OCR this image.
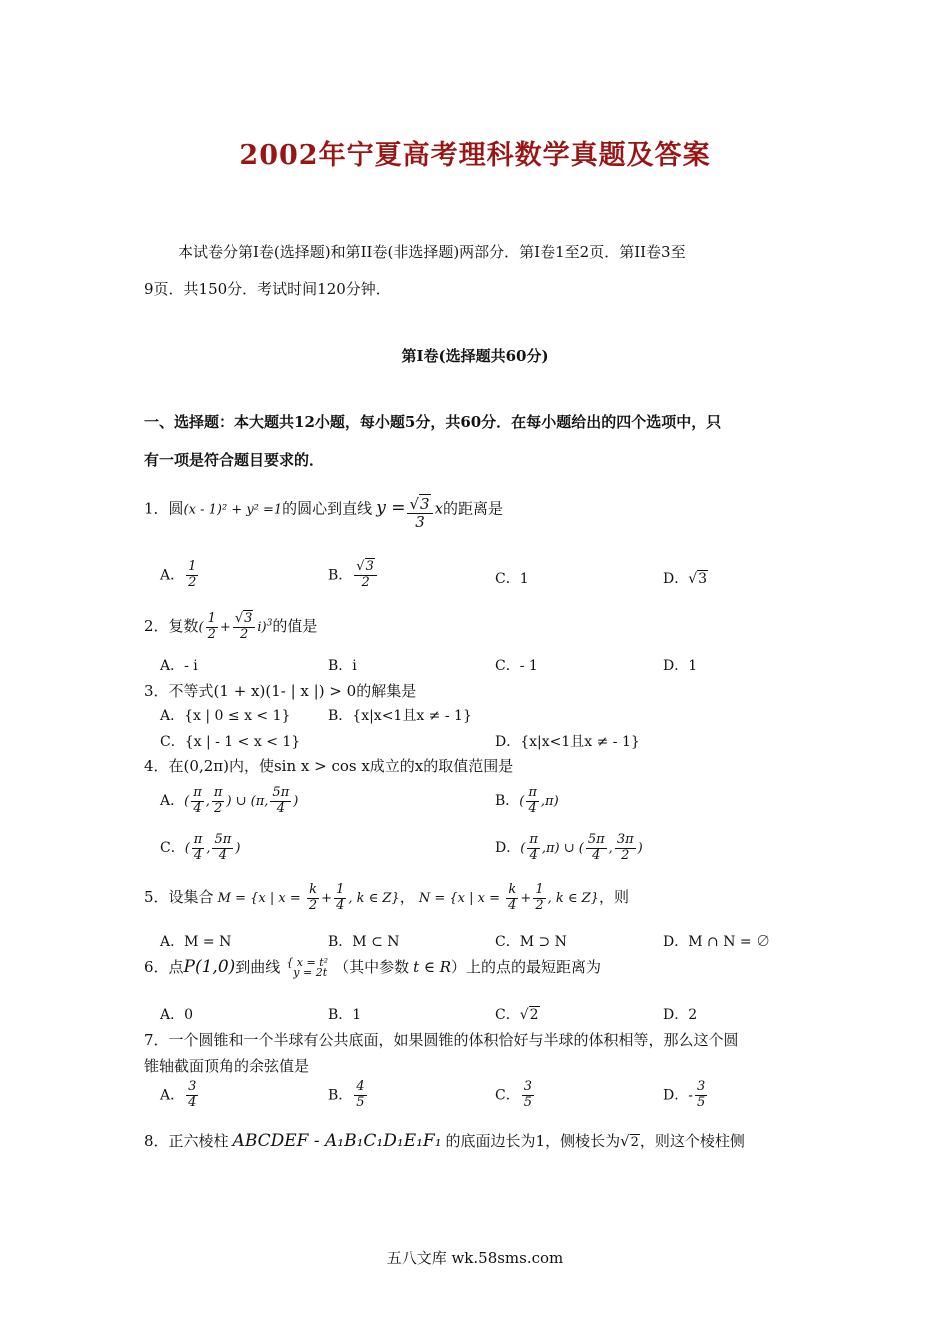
2002年宁夏高考理科数学真题及答案
本试卷分第Ⅰ卷(选择题)和第II卷(非选择题)两部分．第Ⅰ卷1至2页．第II卷3至
9页．共150分．考试时间120分钟．
第Ⅰ卷(选择题共60分)
一、选择题：本大题共12小题，每小题5分，共60分．在每小题给出的四个选项中，只
有一项是符合题目要求的．
1．圆(x - 1)² + y² =1的圆心到直线 $y = \frac{√3}{3}$ x的距离是
A． $\frac{1}{2}$	B． $\frac{√3}{2}$	C．1	D．√3
2．复数( $\frac{1}{2} + \frac{√3}{2} i)^3$的值是
A．- i	B．i	C．- 1	D．1
3．不等式(1 + x)(1- | x |) > 0的解集是
A．{x | 0 ≤ x < 1}	B．{x|x<1且x ≠ - 1}
C．{x | - 1 < x < 1}	D．{x|x<1且x ≠ - 1}
4．在(0,2π)内，使sin x > cos x成立的x的取值范围是
A．( $\frac{\pi}{4}$ , $\frac{\pi}{2}$ ) ∪ (π, $\frac{5\pi}{4}$ )	B．( $\frac{\pi}{4} ,\pi$)
C．( $\frac{\pi}{4}$ , $\frac{5\pi}{4}$ )	D．( $\frac{\pi}{4} ,\pi$) ∪ ( $\frac{5\pi}{4}$ , $\frac{3\pi}{2}$ )
5．设集合 M = {x | $x = \frac{k}{2} + \frac{1}{4}$ , k ∈ Z}， N = {x | $x = \frac{k}{4} + \frac{1}{2}$ , k ∈ Z}，则
A．M = N	B．M ⊂ N	C．M ⊃ N	D．M ∩ N = ∅
6．点P(1,0)到曲线 { x = t²
y = 2t （其中参数 t ∈ R）上的点的最短距离为
A．0	B．1	C．√2	D．2
7．一个圆锥和一个半球有公共底面，如果圆锥的体积恰好与半球的体积相等，那么这个圆
锥轴截面顶角的余弦值是
A． $\frac{3}{4}$	B． $\frac{4}{5}$	C． $\frac{3}{5}$	D．- $\frac{3}{5}$
8．正六棱柱 ABCDEF - A₁B₁C₁D₁E₁F₁ 的底面边长为1，侧棱长为√2，则这个棱柱侧
五八文库 wk.58sms.com
